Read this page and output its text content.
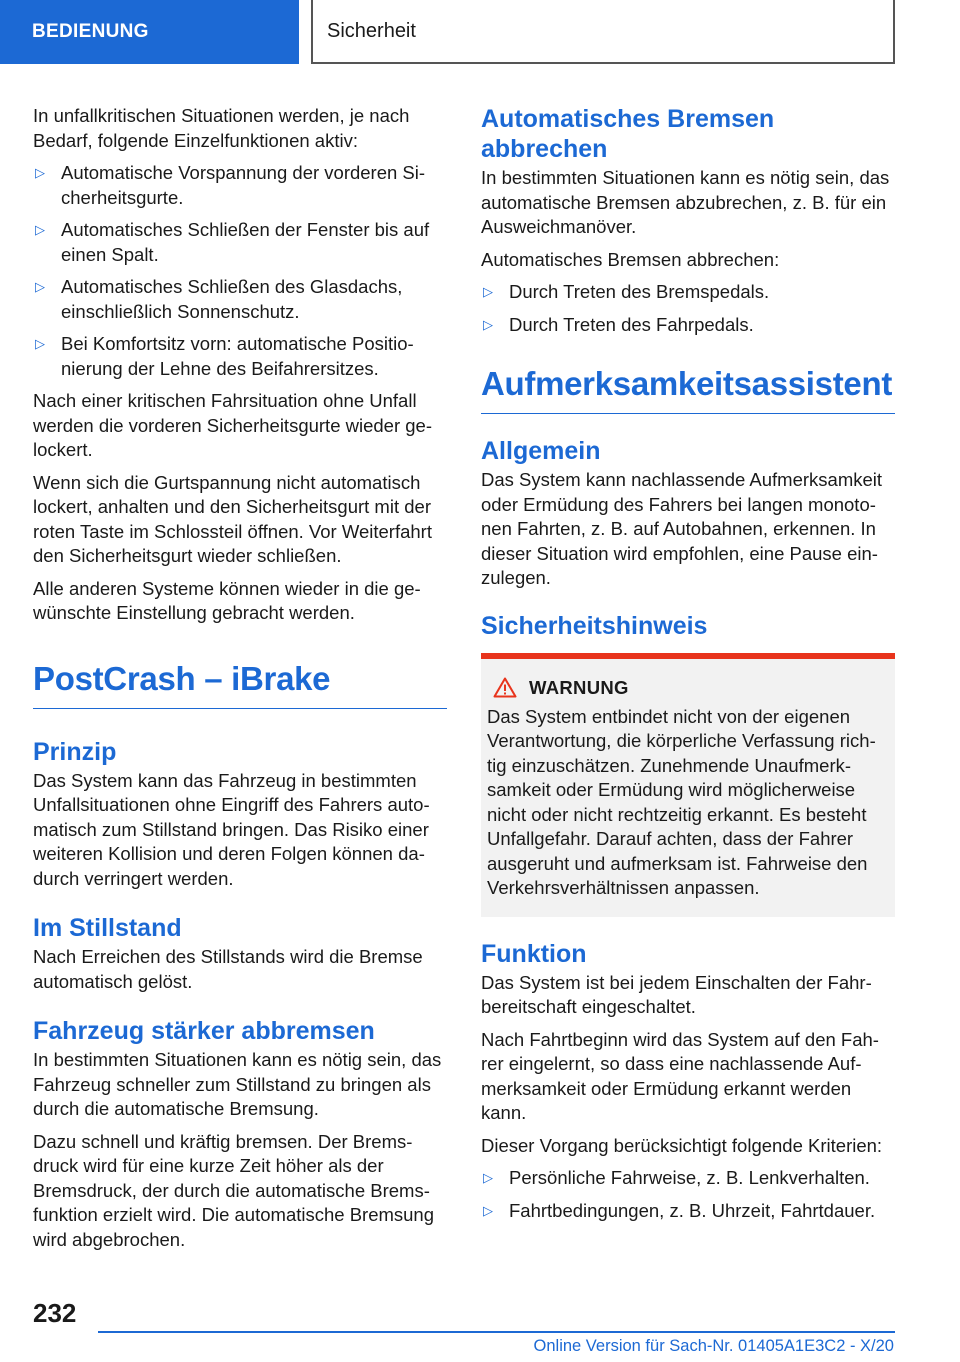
BEDIENUNG	Sicherheit

In unfallkritischen Situationen werden, je nach Bedarf, folgende Einzelfunktionen aktiv:

▷ Automatische Vorspannung der vorderen Sicherheitsgurte.
▷ Automatisches Schließen der Fenster bis auf einen Spalt.
▷ Automatisches Schließen des Glasdachs, einschließlich Sonnenschutz.
▷ Bei Komfortsitz vorn: automatische Positionierung der Lehne des Beifahrersitzes.

Nach einer kritischen Fahrsituation ohne Unfall werden die vorderen Sicherheitsgurte wieder gelockert.

Wenn sich die Gurtspannung nicht automatisch lockert, anhalten und den Sicherheitsgurt mit der roten Taste im Schlossteil öffnen. Vor Weiterfahrt den Sicherheitsgurt wieder schließen.

Alle anderen Systeme können wieder in die gewünschte Einstellung gebracht werden.

PostCrash – iBrake
Prinzip

Das System kann das Fahrzeug in bestimmten Unfallsituationen ohne Eingriff des Fahrers automatisch zum Stillstand bringen. Das Risiko einer weiteren Kollision und deren Folgen können dadurch verringert werden.

Im Stillstand

Nach Erreichen des Stillstands wird die Bremse automatisch gelöst.

Fahrzeug stärker abbremsen

In bestimmten Situationen kann es nötig sein, das Fahrzeug schneller zum Stillstand zu bringen als durch die automatische Bremsung.

Dazu schnell und kräftig bremsen. Der Bremsdruck wird für eine kurze Zeit höher als der Bremsdruck, der durch die automatische Bremsfunktion erzielt wird. Die automatische Bremsung wird abgebrochen.

Automatisches Bremsen abbrechen

In bestimmten Situationen kann es nötig sein, das automatische Bremsen abzubrechen, z. B. für ein Ausweichmanöver.

Automatisches Bremsen abbrechen:

▷ Durch Treten des Bremspedals.
▷ Durch Treten des Fahrpedals.
Aufmerksamkeitsassistent
Allgemein

Das System kann nachlassende Aufmerksamkeit oder Ermüdung des Fahrers bei langen monotonen Fahrten, z. B. auf Autobahnen, erkennen. In dieser Situation wird empfohlen, eine Pause einzulegen.

Sicherheitshinweis
WARNUNG

Das System entbindet nicht von der eigenen Verantwortung, die körperliche Verfassung richtig einzuschätzen. Zunehmende Unaufmerksamkeit oder Ermüdung wird möglicherweise nicht oder nicht rechtzeitig erkannt. Es besteht Unfallgefahr. Darauf achten, dass der Fahrer ausgeruht und aufmerksam ist. Fahrweise den Verkehrsverhältnissen anpassen.

Funktion

Das System ist bei jedem Einschalten der Fahrbereitschaft eingeschaltet.

Nach Fahrtbeginn wird das System auf den Fahrer eingelernt, so dass eine nachlassende Aufmerksamkeit oder Ermüdung erkannt werden kann.

Dieser Vorgang berücksichtigt folgende Kriterien:

▷ Persönliche Fahrweise, z. B. Lenkverhalten.
▷ Fahrtbedingungen, z. B. Uhrzeit, Fahrtdauer.
232
Online Version für Sach-Nr. 01405A1E3C2 - X/20
